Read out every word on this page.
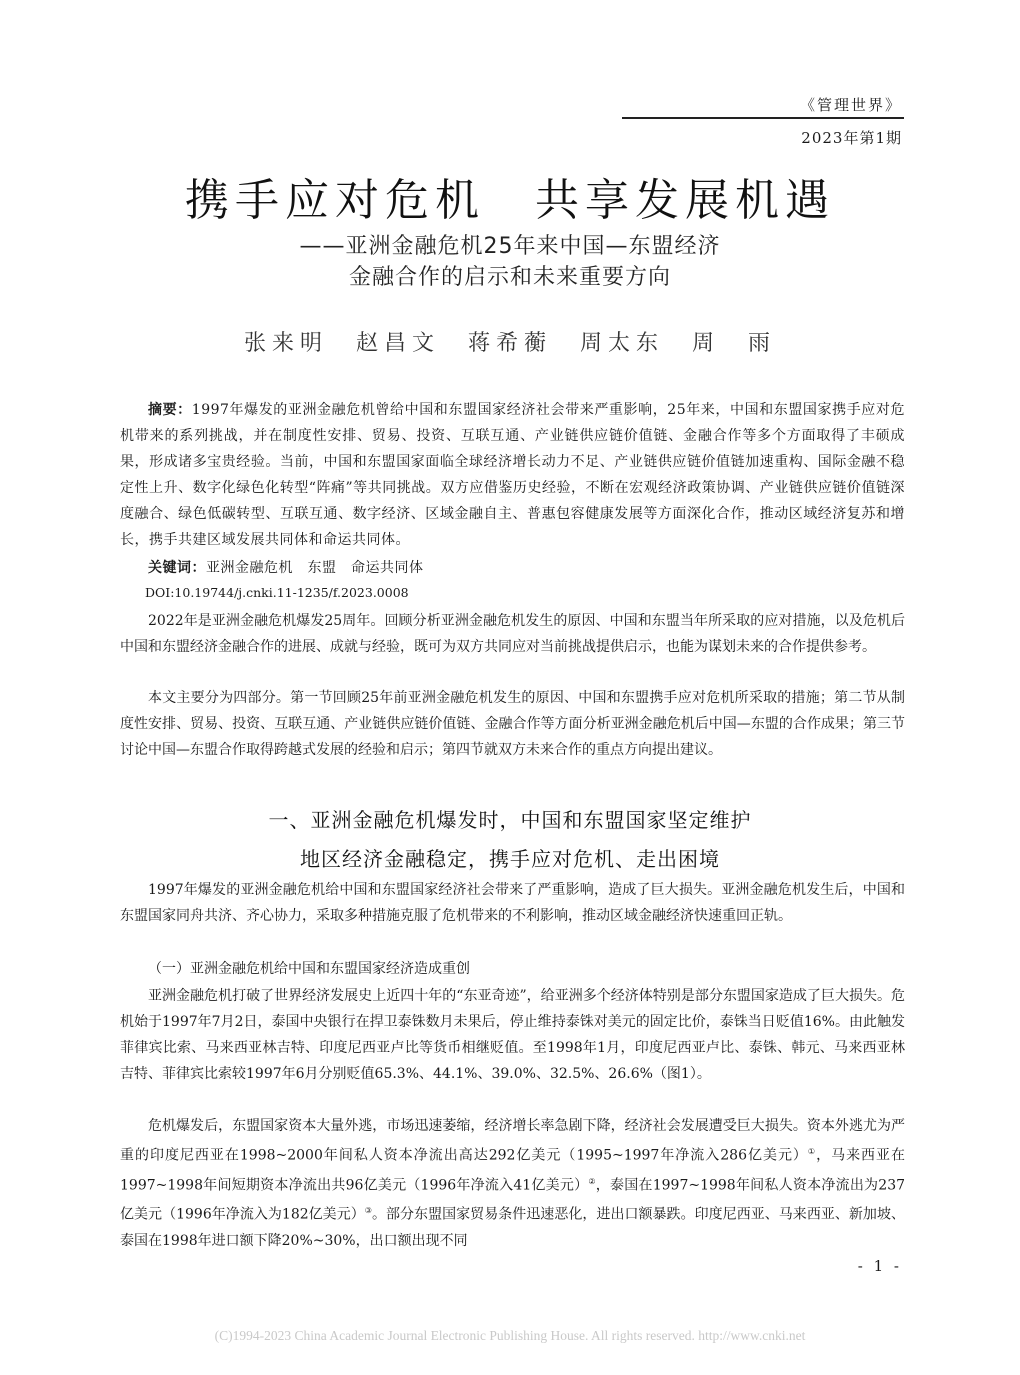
《管理世界》
2023年第1期
携手应对危机　共享发展机遇
——亚洲金融危机25年来中国—东盟经济
金融合作的启示和未来重要方向
张来明　赵昌文　蒋希蘅　周太东　周　雨

摘要：1997年爆发的亚洲金融危机曾给中国和东盟国家经济社会带来严重影响，25年来，中国和东盟国家携手应对危机带来的系列挑战，并在制度性安排、贸易、投资、互联互通、产业链供应链价值链、金融合作等多个方面取得了丰硕成果，形成诸多宝贵经验。当前，中国和东盟国家面临全球经济增长动力不足、产业链供应链价值链加速重构、国际金融不稳定性上升、数字化绿色化转型“阵痛”等共同挑战。双方应借鉴历史经验，不断在宏观经济政策协调、产业链供应链价值链深度融合、绿色低碳转型、互联互通、数字经济、区域金融自主、普惠包容健康发展等方面深化合作，推动区域经济复苏和增长，携手共建区域发展共同体和命运共同体。

关键词：亚洲金融危机　东盟　命运共同体

DOI:10.19744/j.cnki.11-1235/f.2023.0008

2022年是亚洲金融危机爆发25周年。回顾分析亚洲金融危机发生的原因、中国和东盟当年所采取的应对措施，以及危机后中国和东盟经济金融合作的进展、成就与经验，既可为双方共同应对当前挑战提供启示，也能为谋划未来的合作提供参考。

本文主要分为四部分。第一节回顾25年前亚洲金融危机发生的原因、中国和东盟携手应对危机所采取的措施；第二节从制度性安排、贸易、投资、互联互通、产业链供应链价值链、金融合作等方面分析亚洲金融危机后中国—东盟的合作成果；第三节讨论中国—东盟合作取得跨越式发展的经验和启示；第四节就双方未来合作的重点方向提出建议。

一、亚洲金融危机爆发时，中国和东盟国家坚定维护
地区经济金融稳定，携手应对危机、走出困境

1997年爆发的亚洲金融危机给中国和东盟国家经济社会带来了严重影响，造成了巨大损失。亚洲金融危机发生后，中国和东盟国家同舟共济、齐心协力，采取多种措施克服了危机带来的不利影响，推动区域金融经济快速重回正轨。

（一）亚洲金融危机给中国和东盟国家经济造成重创

亚洲金融危机打破了世界经济发展史上近四十年的“东亚奇迹”，给亚洲多个经济体特别是部分东盟国家造成了巨大损失。危机始于1997年7月2日，泰国中央银行在捍卫泰铢数月未果后，停止维持泰铢对美元的固定比价，泰铢当日贬值16%。由此触发菲律宾比索、马来西亚林吉特、印度尼西亚卢比等货币相继贬值。至1998年1月，印度尼西亚卢比、泰铢、韩元、马来西亚林吉特、菲律宾比索较1997年6月分别贬值65.3%、44.1%、39.0%、32.5%、26.6%（图1）。

危机爆发后，东盟国家资本大量外逃，市场迅速萎缩，经济增长率急剧下降，经济社会发展遭受巨大损失。资本外逃尤为严重的印度尼西亚在1998~2000年间私人资本净流出高达292亿美元（1995~1997年净流入286亿美元）①，马来西亚在1997~1998年间短期资本净流出共96亿美元（1996年净流入41亿美元）②，泰国在1997~1998年间私人资本净流出为237亿美元（1996年净流入为182亿美元）③。部分东盟国家贸易条件迅速恶化，进出口额暴跌。印度尼西亚、马来西亚、新加坡、泰国在1998年进口额下降20%~30%，出口额出现不同

- 1 -
(C)1994-2023 China Academic Journal Electronic Publishing House. All rights reserved. http://www.cnki.net
